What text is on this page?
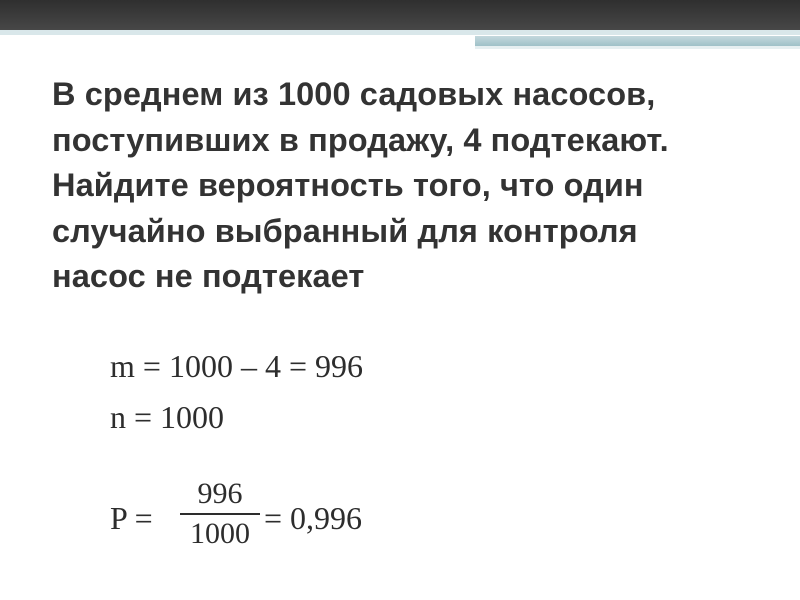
В среднем из 1000 садовых насосов,
поступивших в продажу, 4 подтекают.
Найдите вероятность того, что один
случайно выбранный для контроля
насос не подтекает
m = 1000 – 4 = 996
n = 1000
P =
996
1000 = 0,996
